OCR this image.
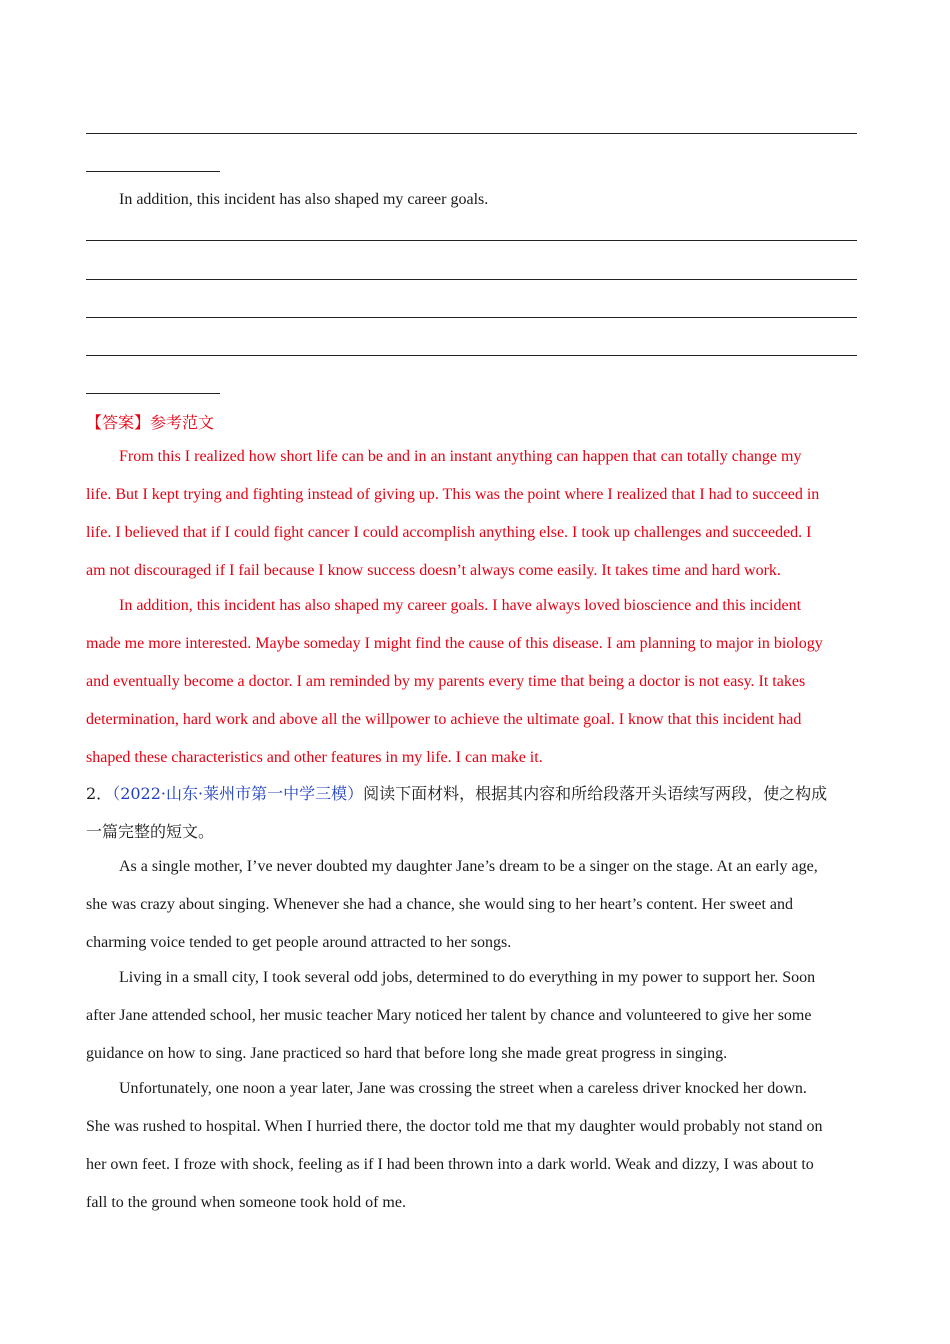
In addition, this incident has also shaped my career goals.

【答案】参考范文

From this I realized how short life can be and in an instant anything can happen that can totally change my
life. But I kept trying and fighting instead of giving up. This was the point where I realized that I had to succeed in
life. I believed that if I could fight cancer I could accomplish anything else. I took up challenges and succeeded. I
am not discouraged if I fail because I know success doesn’t always come easily. It takes time and hard work.
In addition, this incident has also shaped my career goals. I have always loved bioscience and this incident
made me more interested. Maybe someday I might find the cause of this disease. I am planning to major in biology
and eventually become a doctor. I am reminded by my parents every time that being a doctor is not easy. It takes
determination, hard work and above all the willpower to achieve the ultimate goal. I know that this incident had
shaped these characteristics and other features in my life. I can make it.
2．（2022·山东·莱州市第一中学三模）阅读下面材料，根据其内容和所给段落开头语续写两段，使之构成
一篇完整的短文。
As a single mother, I’ve never doubted my daughter Jane’s dream to be a singer on the stage. At an early age,
she was crazy about singing. Whenever she had a chance, she would sing to her heart’s content. Her sweet and
charming voice tended to get people around attracted to her songs.
Living in a small city, I took several odd jobs, determined to do everything in my power to support her. Soon
after Jane attended school, her music teacher Mary noticed her talent by chance and volunteered to give her some
guidance on how to sing. Jane practiced so hard that before long she made great progress in singing.
Unfortunately, one noon a year later, Jane was crossing the street when a careless driver knocked her down.
She was rushed to hospital. When I hurried there, the doctor told me that my daughter would probably not stand on
her own feet. I froze with shock, feeling as if I had been thrown into a dark world. Weak and dizzy, I was about to
fall to the ground when someone took hold of me.
